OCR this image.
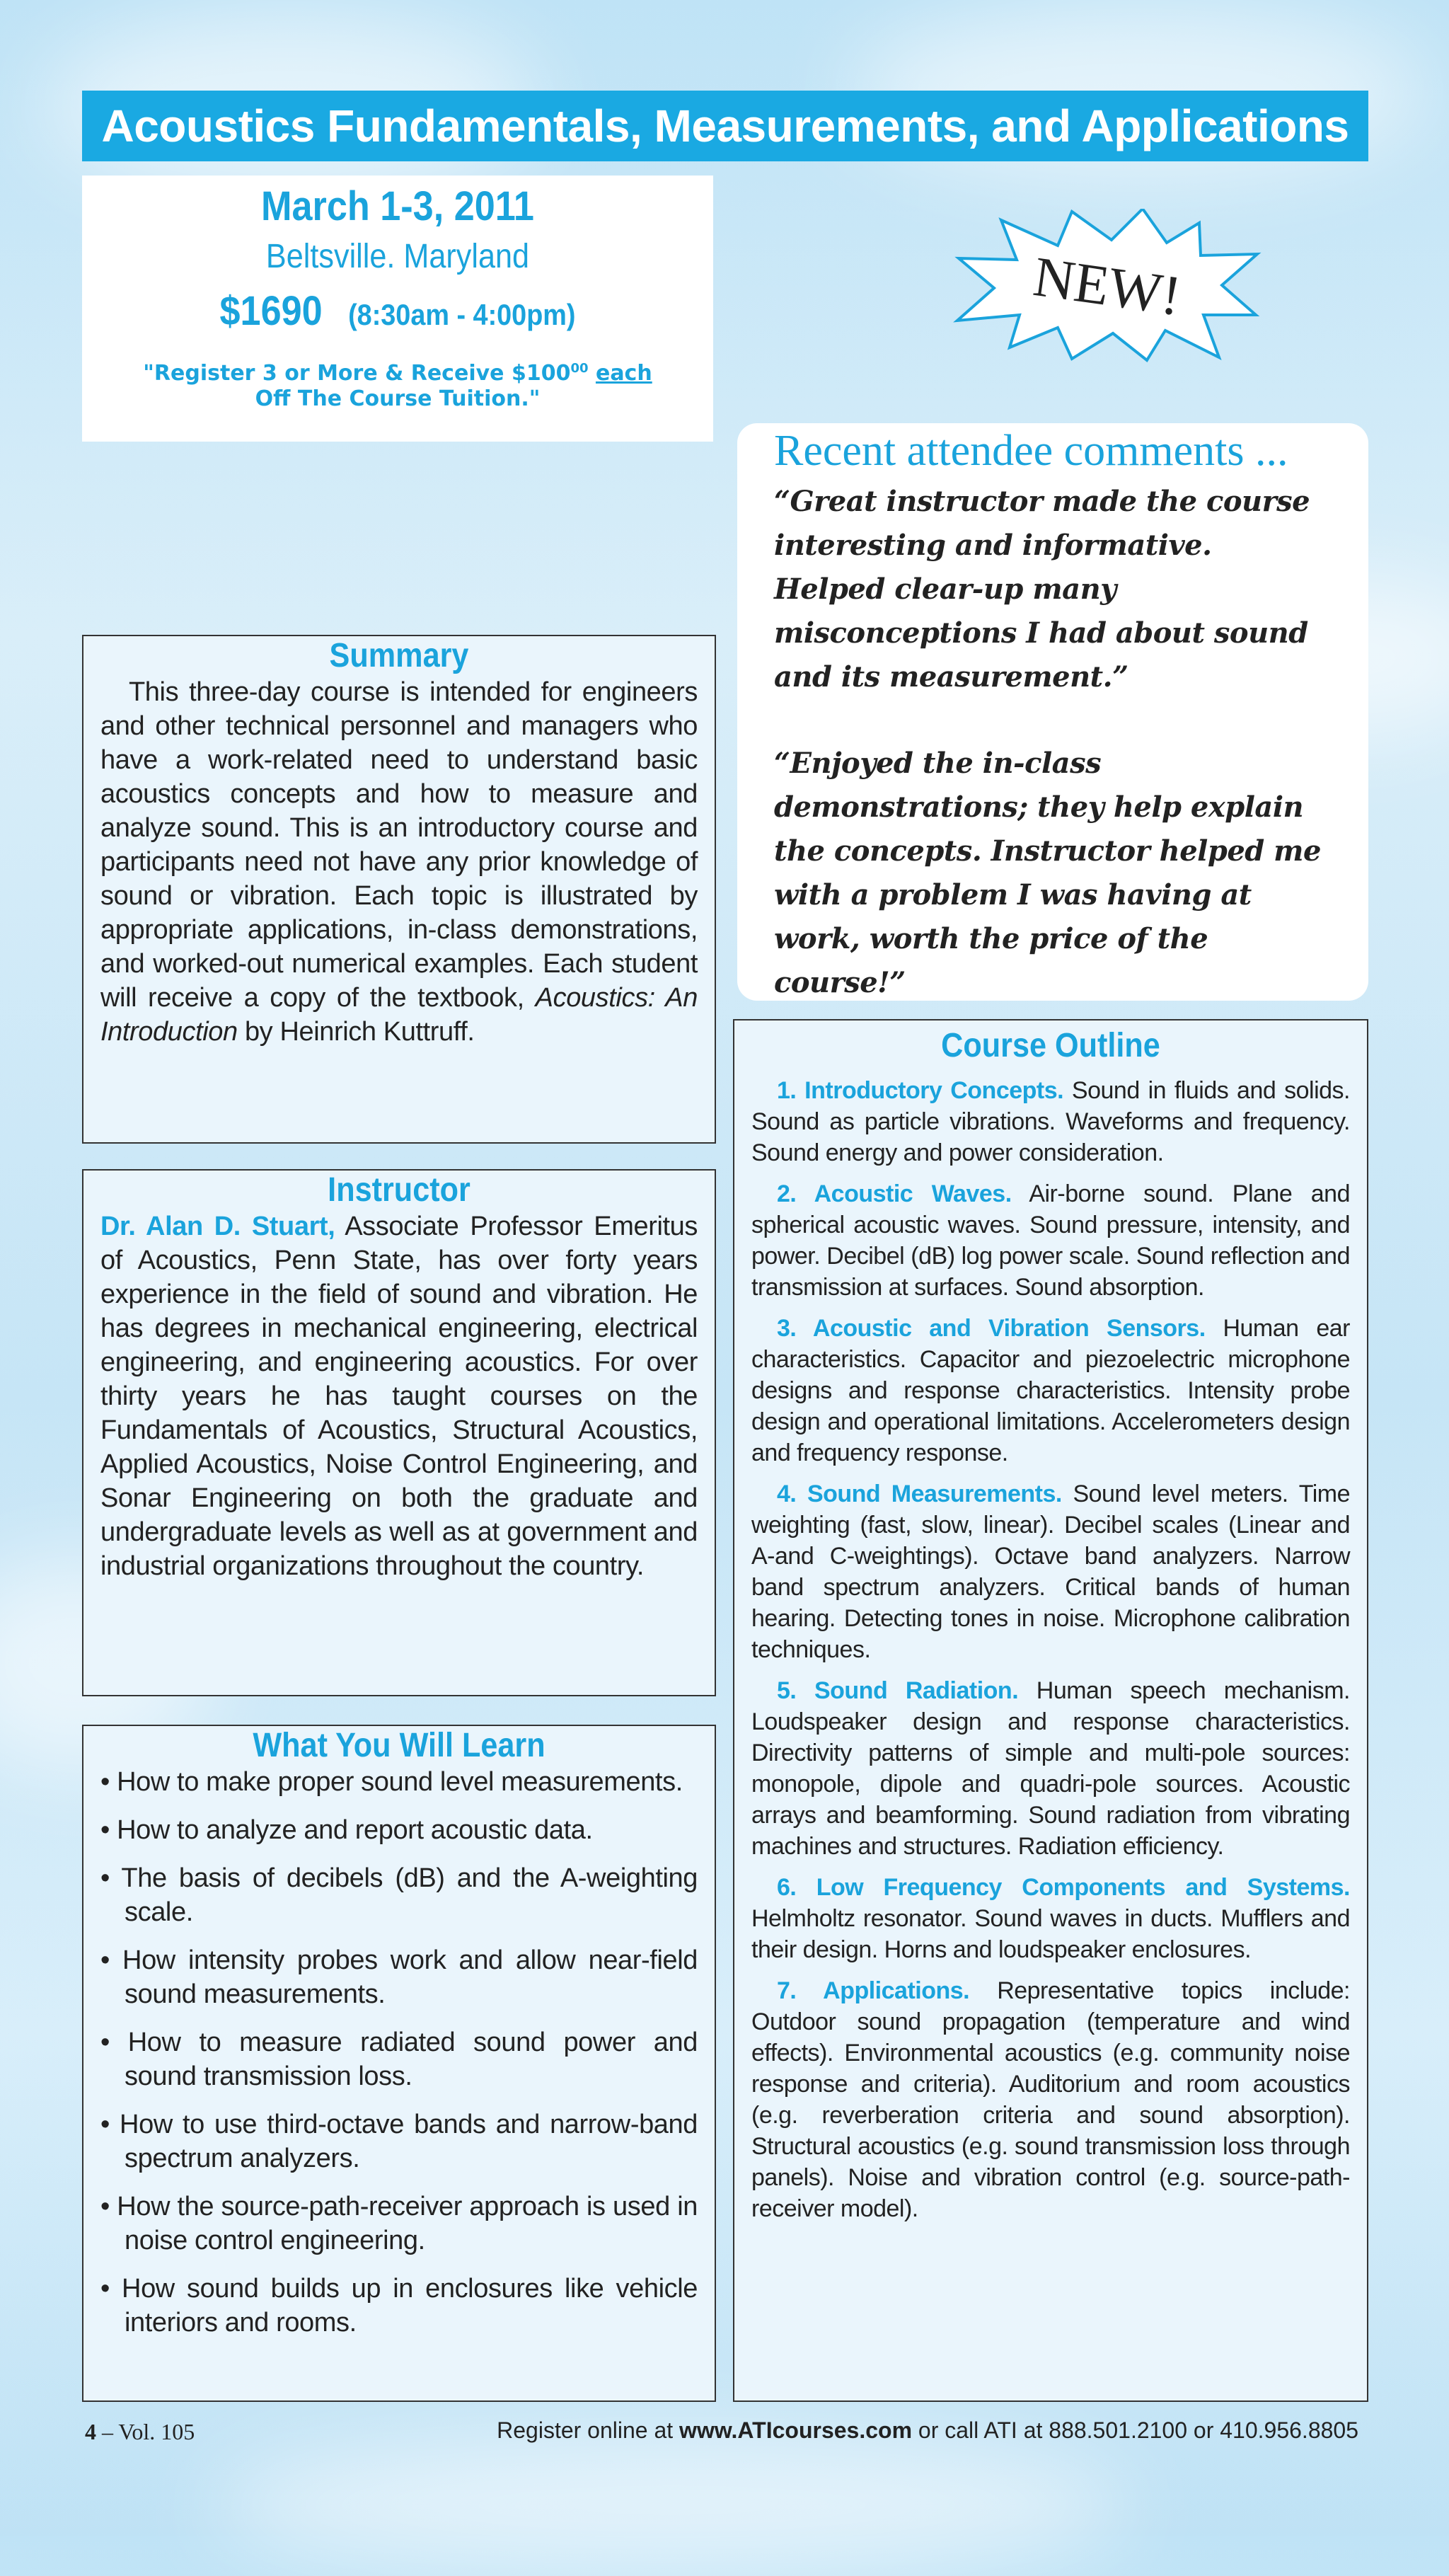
Acoustics Fundamentals, Measurements, and Applications
March 1-3, 2011
Beltsville. Maryland
$1690 (8:30am - 4:00pm)
"Register 3 or More & Receive $\$100^{00}$ each
Off The Course Tuition."
NEW!
Recent attendee comments ...
“Great instructor made the course interesting and informative. Helped clear-up many misconceptions I had about sound and its measurement.”
“Enjoyed the in-class demonstrations; they help explain the concepts. Instructor helped me with a problem I was having at work, worth the price of the course!”
Summary
This three-day course is intended for engineers and other technical personnel and managers who have a work-related need to understand basic acoustics concepts and how to measure and analyze sound. This is an introductory course and participants need not have any prior knowledge of sound or vibration. Each topic is illustrated by appropriate applications, in-class demonstrations, and worked-out numerical examples. Each student will receive a copy of the textbook, Acoustics: An Introduction by Heinrich Kuttruff.
Instructor
Dr. Alan D. Stuart, Associate Professor Emeritus of Acoustics, Penn State, has over forty years experience in the field of sound and vibration. He has degrees in mechanical engineering, electrical engineering, and engineering acoustics. For over thirty years he has taught courses on the Fundamentals of Acoustics, Structural Acoustics, Applied Acoustics, Noise Control Engineering, and Sonar Engineering on both the graduate and undergraduate levels as well as at government and industrial organizations throughout the country.
What You Will Learn
• How to make proper sound level measurements.
• How to analyze and report acoustic data.
• The basis of decibels (dB) and the A-weighting scale.
• How intensity probes work and allow near-field sound measurements.
• How to measure radiated sound power and sound transmission loss.
• How to use third-octave bands and narrow-band spectrum analyzers.
• How the source-path-receiver approach is used in noise control engineering.
• How sound builds up in enclosures like vehicle interiors and rooms.
Course Outline
1. Introductory Concepts. Sound in fluids and solids. Sound as particle vibrations. Waveforms and frequency. Sound energy and power consideration.
2. Acoustic Waves. Air-borne sound. Plane and spherical acoustic waves. Sound pressure, intensity, and power. Decibel (dB) log power scale. Sound reflection and transmission at surfaces. Sound absorption.
3. Acoustic and Vibration Sensors. Human ear characteristics. Capacitor and piezoelectric microphone designs and response characteristics. Intensity probe design and operational limitations. Accelerometers design and frequency response.
4. Sound Measurements. Sound level meters. Time weighting (fast, slow, linear). Decibel scales (Linear and A-and C-weightings). Octave band analyzers. Narrow band spectrum analyzers. Critical bands of human hearing. Detecting tones in noise. Microphone calibration techniques.
5. Sound Radiation. Human speech mechanism. Loudspeaker design and response characteristics. Directivity patterns of simple and multi-pole sources: monopole, dipole and quadri-pole sources. Acoustic arrays and beamforming. Sound radiation from vibrating machines and structures. Radiation efficiency.
6. Low Frequency Components and Systems. Helmholtz resonator. Sound waves in ducts. Mufflers and their design. Horns and loudspeaker enclosures.
7. Applications. Representative topics include: Outdoor sound propagation (temperature and wind effects). Environmental acoustics (e.g. community noise response and criteria). Auditorium and room acoustics (e.g. reverberation criteria and sound absorption). Structural acoustics (e.g. sound transmission loss through panels). Noise and vibration control (e.g. source-path-receiver model).
4 – Vol. 105	Register online at www.ATIcourses.com or call ATI at 888.501.2100 or 410.956.8805
